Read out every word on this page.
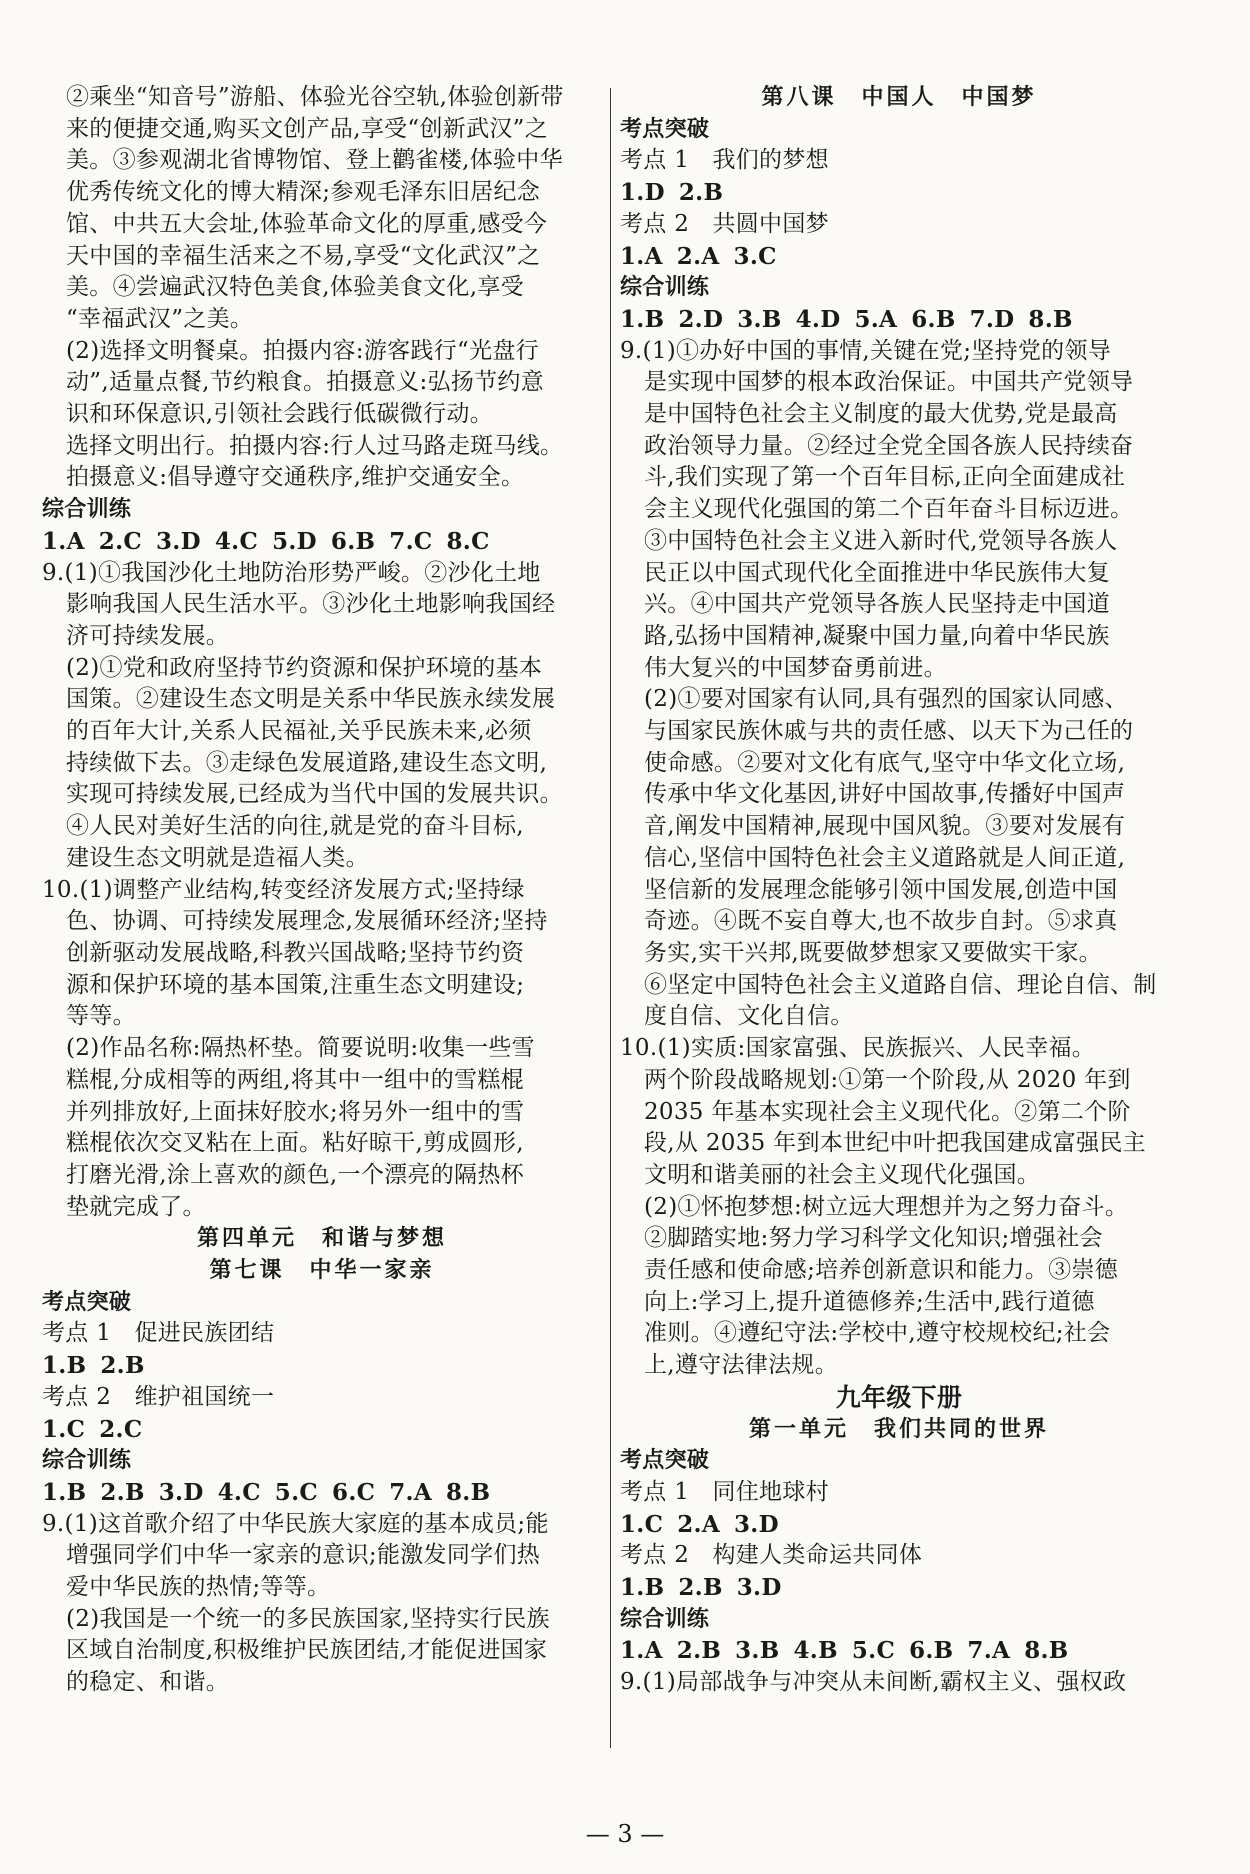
②乘坐“知音号”游船、体验光谷空轨,体验创新带
来的便捷交通,购买文创产品,享受“创新武汉”之
美。③参观湖北省博物馆、登上鹳雀楼,体验中华
优秀传统文化的博大精深;参观毛泽东旧居纪念
馆、中共五大会址,体验革命文化的厚重,感受今
天中国的幸福生活来之不易,享受“文化武汉”之
美。④尝遍武汉特色美食,体验美食文化,享受
“幸福武汉”之美。
(2)选择文明餐桌。拍摄内容:游客践行“光盘行
动”,适量点餐,节约粮食。拍摄意义:弘扬节约意
识和环保意识,引领社会践行低碳微行动。
选择文明出行。拍摄内容:行人过马路走斑马线。
拍摄意义:倡导遵守交通秩序,维护交通安全。
综合训练
1.A 2.C 3.D 4.C 5.D 6.B 7.C 8.C
9.(1)①我国沙化土地防治形势严峻。②沙化土地
影响我国人民生活水平。③沙化土地影响我国经
济可持续发展。
(2)①党和政府坚持节约资源和保护环境的基本
国策。②建设生态文明是关系中华民族永续发展
的百年大计,关系人民福祉,关乎民族未来,必须
持续做下去。③走绿色发展道路,建设生态文明,
实现可持续发展,已经成为当代中国的发展共识。
④人民对美好生活的向往,就是党的奋斗目标,
建设生态文明就是造福人类。
10.(1)调整产业结构,转变经济发展方式;坚持绿
色、协调、可持续发展理念,发展循环经济;坚持
创新驱动发展战略,科教兴国战略;坚持节约资
源和保护环境的基本国策,注重生态文明建设;
等等。
(2)作品名称:隔热杯垫。简要说明:收集一些雪
糕棍,分成相等的两组,将其中一组中的雪糕棍
并列排放好,上面抹好胶水;将另外一组中的雪
糕棍依次交叉粘在上面。粘好晾干,剪成圆形,
打磨光滑,涂上喜欢的颜色,一个漂亮的隔热杯
垫就完成了。
第四单元　和谐与梦想
第七课　中华一家亲
考点突破
考点 1　促进民族团结
1.B 2.B
考点 2　维护祖国统一
1.C 2.C
综合训练
1.B 2.B 3.D 4.C 5.C 6.C 7.A 8.B
9.(1)这首歌介绍了中华民族大家庭的基本成员;能
增强同学们中华一家亲的意识;能激发同学们热
爱中华民族的热情;等等。
(2)我国是一个统一的多民族国家,坚持实行民族
区域自治制度,积极维护民族团结,才能促进国家
的稳定、和谐。
第八课　中国人　中国梦
考点突破
考点 1　我们的梦想
1.D 2.B
考点 2　共圆中国梦
1.A 2.A 3.C
综合训练
1.B 2.D 3.B 4.D 5.A 6.B 7.D 8.B
9.(1)①办好中国的事情,关键在党;坚持党的领导
是实现中国梦的根本政治保证。中国共产党领导
是中国特色社会主义制度的最大优势,党是最高
政治领导力量。②经过全党全国各族人民持续奋
斗,我们实现了第一个百年目标,正向全面建成社
会主义现代化强国的第二个百年奋斗目标迈进。
③中国特色社会主义进入新时代,党领导各族人
民正以中国式现代化全面推进中华民族伟大复
兴。④中国共产党领导各族人民坚持走中国道
路,弘扬中国精神,凝聚中国力量,向着中华民族
伟大复兴的中国梦奋勇前进。
(2)①要对国家有认同,具有强烈的国家认同感、
与国家民族休戚与共的责任感、以天下为己任的
使命感。②要对文化有底气,坚守中华文化立场,
传承中华文化基因,讲好中国故事,传播好中国声
音,阐发中国精神,展现中国风貌。③要对发展有
信心,坚信中国特色社会主义道路就是人间正道,
坚信新的发展理念能够引领中国发展,创造中国
奇迹。④既不妄自尊大,也不故步自封。⑤求真
务实,实干兴邦,既要做梦想家又要做实干家。
⑥坚定中国特色社会主义道路自信、理论自信、制
度自信、文化自信。
10.(1)实质:国家富强、民族振兴、人民幸福。
两个阶段战略规划:①第一个阶段,从 2020 年到
2035 年基本实现社会主义现代化。②第二个阶
段,从 2035 年到本世纪中叶把我国建成富强民主
文明和谐美丽的社会主义现代化强国。
(2)①怀抱梦想:树立远大理想并为之努力奋斗。
②脚踏实地:努力学习科学文化知识;增强社会
责任感和使命感;培养创新意识和能力。③崇德
向上:学习上,提升道德修养;生活中,践行道德
准则。④遵纪守法:学校中,遵守校规校纪;社会
上,遵守法律法规。
九年级下册
第一单元　我们共同的世界
考点突破
考点 1　同住地球村
1.C 2.A 3.D
考点 2　构建人类命运共同体
1.B 2.B 3.D
综合训练
1.A 2.B 3.B 4.B 5.C 6.B 7.A 8.B
9.(1)局部战争与冲突从未间断,霸权主义、强权政
— 3 —
